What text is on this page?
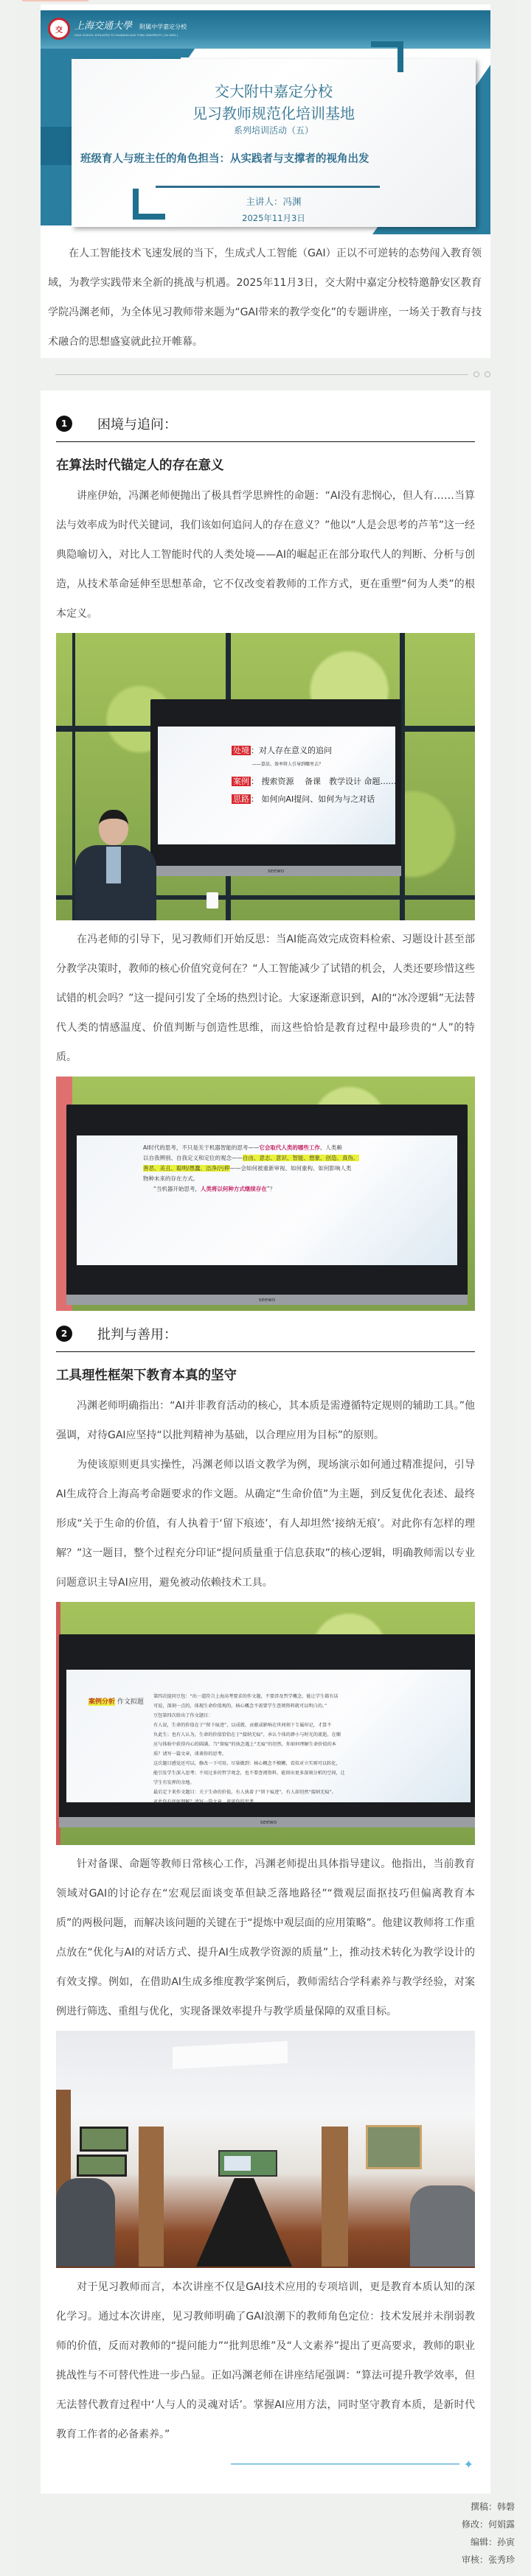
交	上海交通大學 附属中学嘉定分校
HIGH SCHOOL AFFILIATED TO SHANGHAI JIAO TONG UNIVERSITY ( JIA DING )
交大附中嘉定分校
见习教师规范化培训基地
系列培训活动（五）
班级育人与班主任的角色担当：从实践者与支撑者的视角出发
主讲人：冯渊
2025年11月3日

在人工智能技术飞速发展的当下，生成式人工智能（GAI）正以不可逆转的态势闯入教育领域，为教学实践带来全新的挑战与机遇。2025年11月3日，交大附中嘉定分校特邀静安区教育学院冯渊老师，为全体见习教师带来题为“GAI带来的教学变化”的专题讲座，一场关于教育与技术融合的思想盛宴就此拉开帷幕。

1	困境与追问：
在算法时代锚定人的存在意义

讲座伊始，冯渊老师便抛出了极具哲学思辨性的命题：“AI没有悲悯心，但人有……当算法与效率成为时代关键词，我们该如何追问人的存在意义？”他以“人是会思考的芦苇”这一经典隐喻切入，对比人工智能时代的人类处境——AI的崛起正在部分取代人的判断、分析与创造，从技术革命延伸至思想革命，它不仅改变着教师的工作方式，更在重塑“何为人类”的根本定义。

处境 ：对人存在意义的追问
——算法、效率将人引导到哪里去？
案例 ： 搜索资源　 备课　教学设计 命题……
思路 ： 如何向AI提问、如何为与之对话
seewo

在冯老师的引导下，见习教师们开始反思：当AI能高效完成资料检索、习题设计甚至部分教学决策时，教师的核心价值究竟何在？“人工智能减少了试错的机会，人类还要珍惜这些试错的机会吗？”这一提问引发了全场的热烈讨论。大家逐渐意识到，AI的“冰冷逻辑”无法替代人类的情感温度、价值判断与创造性思维，而这些恰恰是教育过程中最珍贵的“人”的特质。

AI时代的思考，不只是关于机器智能的思考——它会取代人类的哪些工作。人类赖
以自我辨别、自我定义和定位的观念——自由、意志、意识、智能、想象、创造、真伪、
善恶、美丑、聪明/愚蠢、洁净/污秽——会如何被重新审视、如何重构、如何影响人类
物种未来的存在方式。
“当机器开始思考，人类将以何种方式继续存在”？
seewo
2	批判与善用：
工具理性框架下教育本真的坚守

冯渊老师明确指出：“AI并非教育活动的核心，其本质是需遵循特定规则的辅助工具。”他强调，对待GAI应坚持“以批判精神为基础，以合理应用为目标”的原则。

为使该原则更具实操性，冯渊老师以语文教学为例，现场演示如何通过精准提问，引导AI生成符合上海高考命题要求的作文题。从确定“生命价值”为主题，到反复优化表述、最终形成“关于生命的价值，有人执着于‘留下痕迹’，有人却坦然‘接纳无痕’。对此你有怎样的理解？”这一题目，整个过程充分印证“提问质量重于信息获取”的核心逻辑，明确教师需以专业问题意识主导AI应用，避免被动依赖技术工具。

案例分析 作文拟题
第四次提问豆包：“出一道符合上海高考要求的作文题，不要涉及哲学概念，能让学生都有话
可说，深刻一点的，体现生命价值观的，核心概念不需要学生查阅资料就可以明白的。”
豆包第四次给出了作文题目：
有人说，生命的价值在于“留下痕迹”，以成就、贡献或影响在世间刻下专属印记，才算不
负此生；也有人认为，生命的价值恰恰在于“接纳无痕”，承认个体的渺小与时光的流逝，在顺
应与体验中获得内心的圆满。当“留痕”的执念遇上“无痕”的坦然，你如何理解生命价值的本
质？请写一篇文章，谈谈你的思考。
这次题目感觉还可以，修改一下可用。尽量做到：核心概念不模糊，看似对立实则可以转化，
能引发学生深入思考；不用过多的哲学观念，也不要查阅资料，能留出更多深刻分析的空间，让
学生有发挥的余地。
最后定下来作文题目：关于生命的价值，有人执着于“留下痕迹”，有人却坦然“接纳无痕”。
对此你有如何理解？请写一篇文章，谈谈你的思考。
seewo

针对备课、命题等教师日常核心工作，冯渊老师提出具体指导建议。他指出，当前教育领域对GAI的讨论存在“宏观层面谈变革但缺乏落地路径”“微观层面抠技巧但偏离教育本质”的两极问题，而解决该问题的关键在于“提炼中观层面的应用策略”。他建议教师将工作重点放在“优化与AI的对话方式、提升AI生成教学资源的质量”上，推动技术转化为教学设计的有效支撑。例如，在借助AI生成多维度教学案例后，教师需结合学科素养与教学经验，对案例进行筛选、重组与优化，实现备课效率提升与教学质量保障的双重目标。

对于见习教师而言，本次讲座不仅是GAI技术应用的专项培训，更是教育本质认知的深化学习。通过本次讲座，见习教师明确了GAI浪潮下的教师角色定位：技术发展并未削弱教师的价值，反而对教师的“提问能力”“批判思维”及“人文素养”提出了更高要求，教师的职业挑战性与不可替代性进一步凸显。正如冯渊老师在讲座结尾强调：“算法可提升教学效率，但无法替代教育过程中‘人与人的灵魂对话’。掌握AI应用方法，同时坚守教育本质，是新时代教育工作者的必备素养。”

✦
撰稿：韩磐
修改：何娟露
编辑：孙寅
审核：张秀珍
